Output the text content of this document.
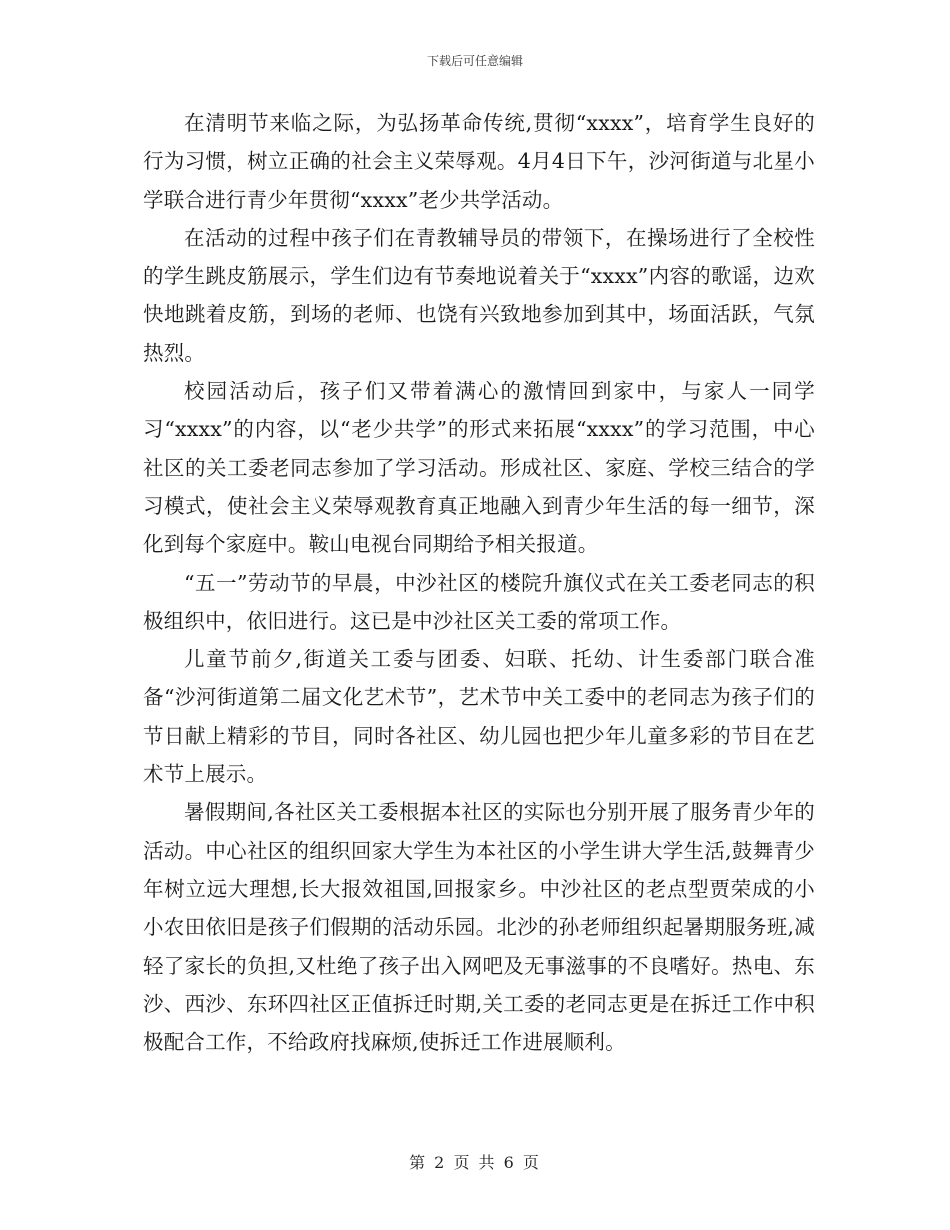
下载后可任意编辑

在清明节来临之际，为弘扬革命传统,贯彻“xxxx”，培育学生良好的行为习惯，树立正确的社会主义荣辱观。4月4日下午，沙河街道与北星小学联合进行青少年贯彻“xxxx”老少共学活动。

在活动的过程中孩子们在青教辅导员的带领下，在操场进行了全校性的学生跳皮筋展示，学生们边有节奏地说着关于“xxxx”内容的歌谣，边欢快地跳着皮筋，到场的老师、也饶有兴致地参加到其中，场面活跃，气氛热烈。

校园活动后，孩子们又带着满心的激情回到家中，与家人一同学习“xxxx”的内容，以“老少共学”的形式来拓展“xxxx”的学习范围，中心社区的关工委老同志参加了学习活动。形成社区、家庭、学校三结合的学习模式，使社会主义荣辱观教育真正地融入到青少年生活的每一细节，深化到每个家庭中。鞍山电视台同期给予相关报道。

“五一”劳动节的早晨，中沙社区的楼院升旗仪式在关工委老同志的积极组织中，依旧进行。这已是中沙社区关工委的常项工作。

儿童节前夕,街道关工委与团委、妇联、托幼、计生委部门联合准备“沙河街道第二届文化艺术节”，艺术节中关工委中的老同志为孩子们的节日献上精彩的节目，同时各社区、幼儿园也把少年儿童多彩的节目在艺术节上展示。

暑假期间,各社区关工委根据本社区的实际也分别开展了服务青少年的活动。中心社区的组织回家大学生为本社区的小学生讲大学生活,鼓舞青少年树立远大理想,长大报效祖国,回报家乡。中沙社区的老点型贾荣成的小小农田依旧是孩子们假期的活动乐园。北沙的孙老师组织起暑期服务班,减轻了家长的负担,又杜绝了孩子出入网吧及无事滋事的不良嗜好。热电、东沙、西沙、东环四社区正值拆迁时期,关工委的老同志更是在拆迁工作中积极配合工作，不给政府找麻烦,使拆迁工作进展顺利。

第 2 页 共 6 页
